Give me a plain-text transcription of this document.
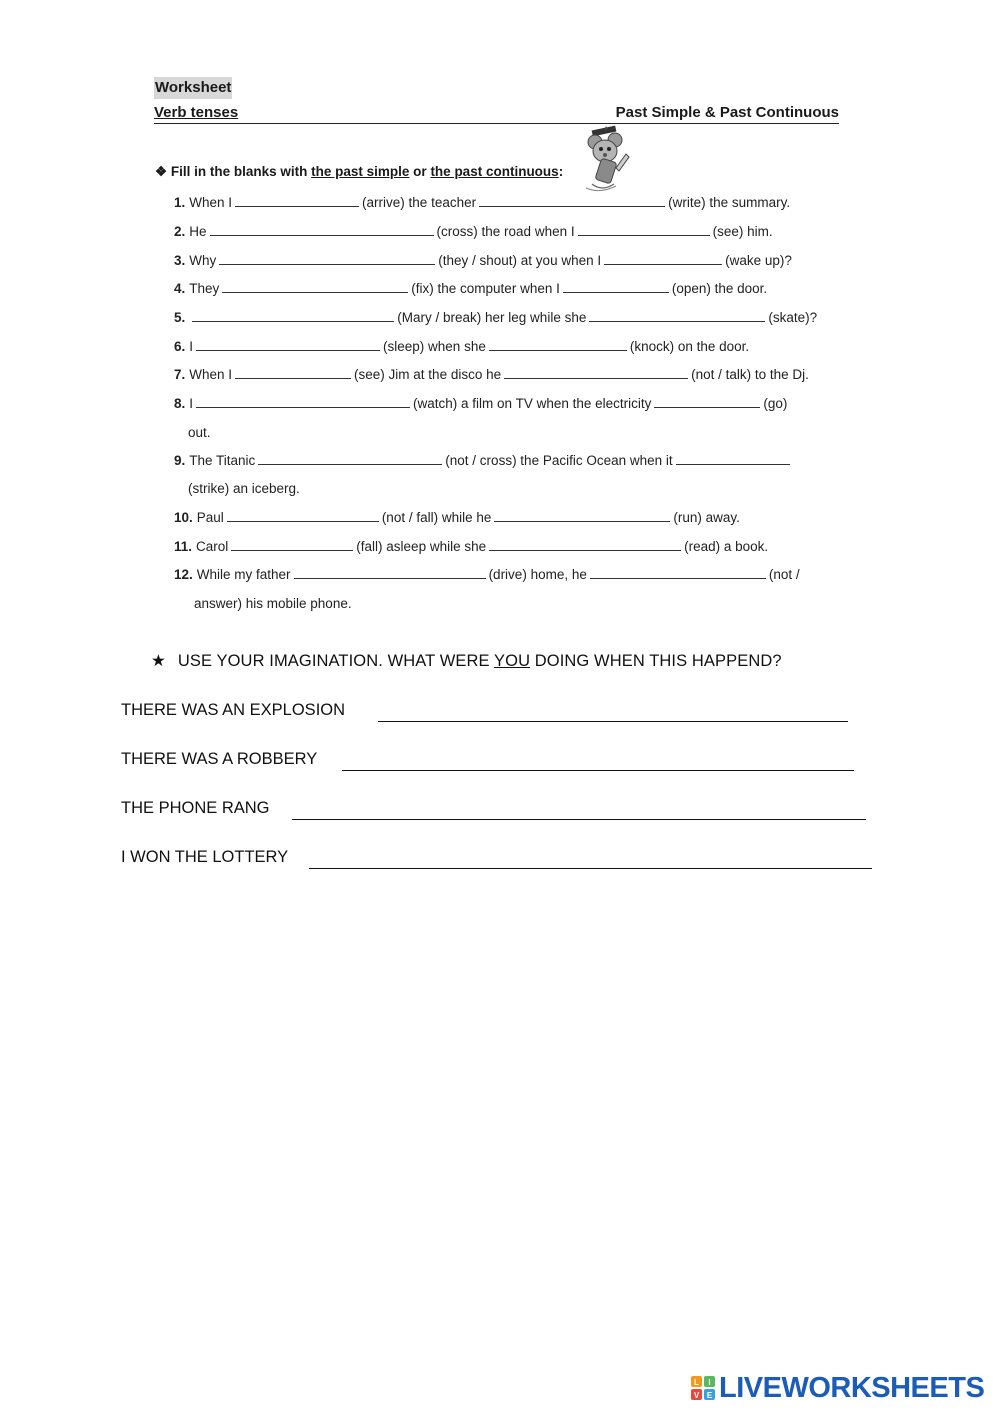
Worksheet
Verb tenses	Past Simple & Past Continuous
❖ Fill in the blanks with the past simple or the past continuous:
1. When I	(arrive) the teacher	(write) the summary.
2. He	(cross) the road when I	(see) him.
3. Why	(they / shout) at you when I	(wake up)?
4. They	(fix) the computer when I	(open) the door.
5.	(Mary / break) her leg while she	(skate)?
6. I	(sleep) when she	(knock) on the door.
7. When I	(see) Jim at the disco he	(not / talk) to the Dj.
8. I	(watch) a film on TV when the electricity	(go)
out.
9. The Titanic	(not / cross) the Pacific Ocean when it
(strike) an iceberg.
10. Paul	(not / fall) while he	(run) away.
11. Carol	(fall) asleep while she	(read) a book.
12. While my father	(drive) home, he	(not /
answer) his mobile phone.
★ USE YOUR IMAGINATION. WHAT WERE YOU DOING WHEN THIS HAPPEND?
THERE WAS AN EXPLOSION
THERE WAS A ROBBERY
THE PHONE RANG
I WON THE LOTTERY
L I
V E LIVEWORKSHEETS
